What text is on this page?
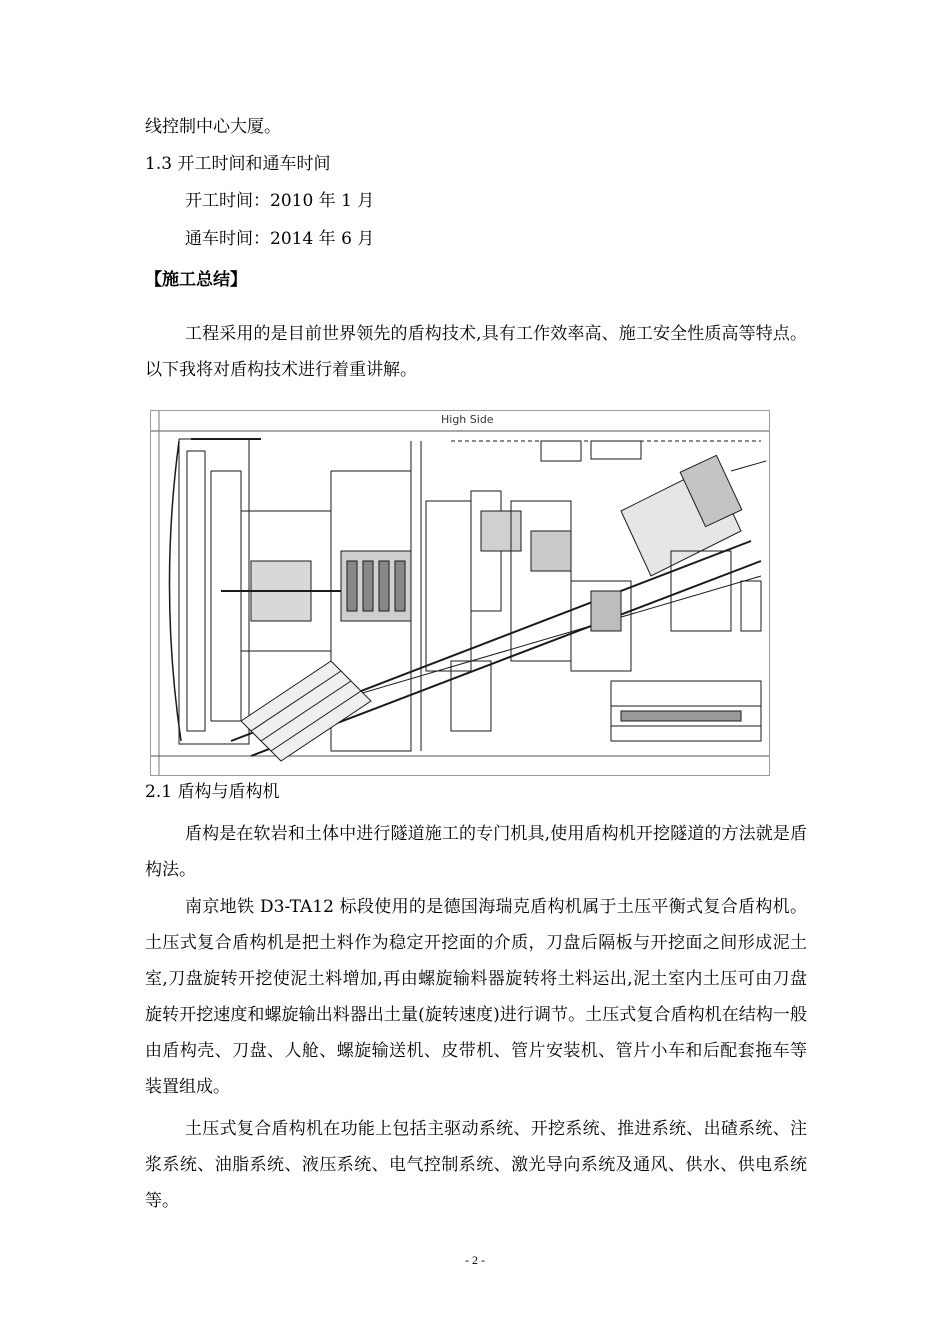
线控制中心大厦。
1.3 开工时间和通车时间
开工时间：2010 年 1 月
通车时间：2014 年 6 月
【施工总结】
工程采用的是目前世界领先的盾构技术,具有工作效率高、施工安全性质高等特点。以下我将对盾构技术进行着重讲解。
High Side
2.1 盾构与盾构机
盾构是在软岩和土体中进行隧道施工的专门机具,使用盾构机开挖隧道的方法就是盾构法。
南京地铁 D3-TA12 标段使用的是德国海瑞克盾构机属于土压平衡式复合盾构机。土压式复合盾构机是把土料作为稳定开挖面的介质，刀盘后隔板与开挖面之间形成泥土室,刀盘旋转开挖使泥土料增加,再由螺旋输料器旋转将土料运出,泥土室内土压可由刀盘旋转开挖速度和螺旋输出料器出土量(旋转速度)进行调节。土压式复合盾构机在结构一般由盾构壳、刀盘、人舱、螺旋输送机、皮带机、管片安装机、管片小车和后配套拖车等装置组成。
土压式复合盾构机在功能上包括主驱动系统、开挖系统、推进系统、出碴系统、注浆系统、油脂系统、液压系统、电气控制系统、激光导向系统及通风、供水、供电系统等。
- 2 -
